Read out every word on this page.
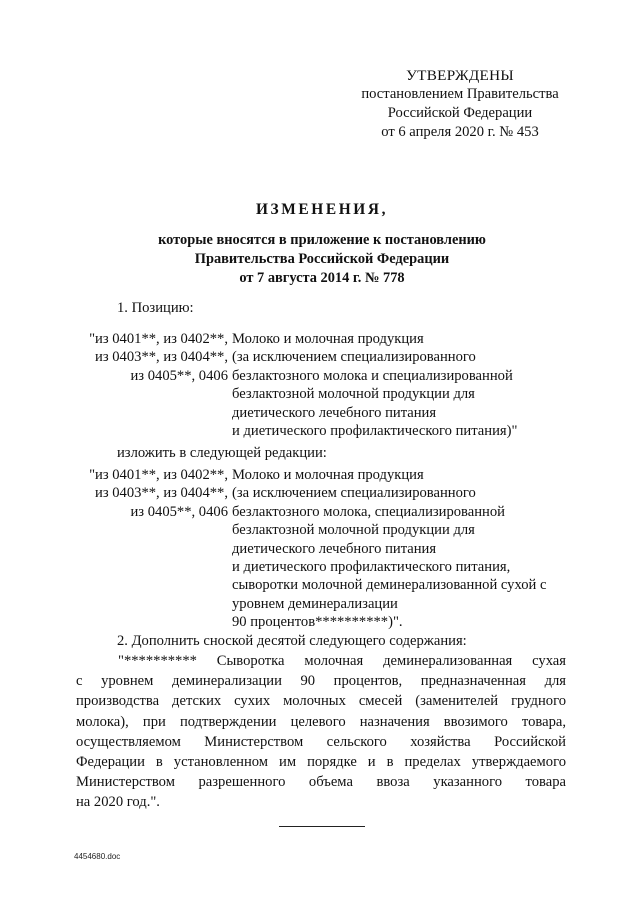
УТВЕРЖДЕНЫ
постановлением Правительства
Российской Федерации
от 6 апреля 2020 г. № 453
ИЗМЕНЕНИЯ,
которые вносятся в приложение к постановлению
Правительства Российской Федерации
от 7 августа 2014 г. № 778
1. Позицию:
"из 0401**, из 0402**,
из 0403**, из 0404**,
из 0405**, 0406
Молоко и молочная продукция
(за исключением специализированного
безлактозного молока и специализированной
безлактозной молочной продукции для
диетического лечебного питания
и диетического профилактического питания)"
изложить в следующей редакции:
"из 0401**, из 0402**,
из 0403**, из 0404**,
из 0405**, 0406
Молоко и молочная продукция
(за исключением специализированного
безлактозного молока, специализированной
безлактозной молочной продукции для
диетического лечебного питания
и диетического профилактического питания,
сыворотки молочной деминерализованной сухой с
уровнем деминерализации
90 процентов**********)".
2. Дополнить сноской десятой следующего содержания:
"********** Сыворотка молочная деминерализованная сухая
с уровнем деминерализации 90 процентов, предназначенная для
производства детских сухих молочных смесей (заменителей грудного
молока), при подтверждении целевого назначения ввозимого товара,
осуществляемом Министерством сельского хозяйства Российской
Федерации в установленном им порядке и в пределах утверждаемого
Министерством разрешенного объема ввоза указанного товара
на 2020 год.".
4454680.doc
